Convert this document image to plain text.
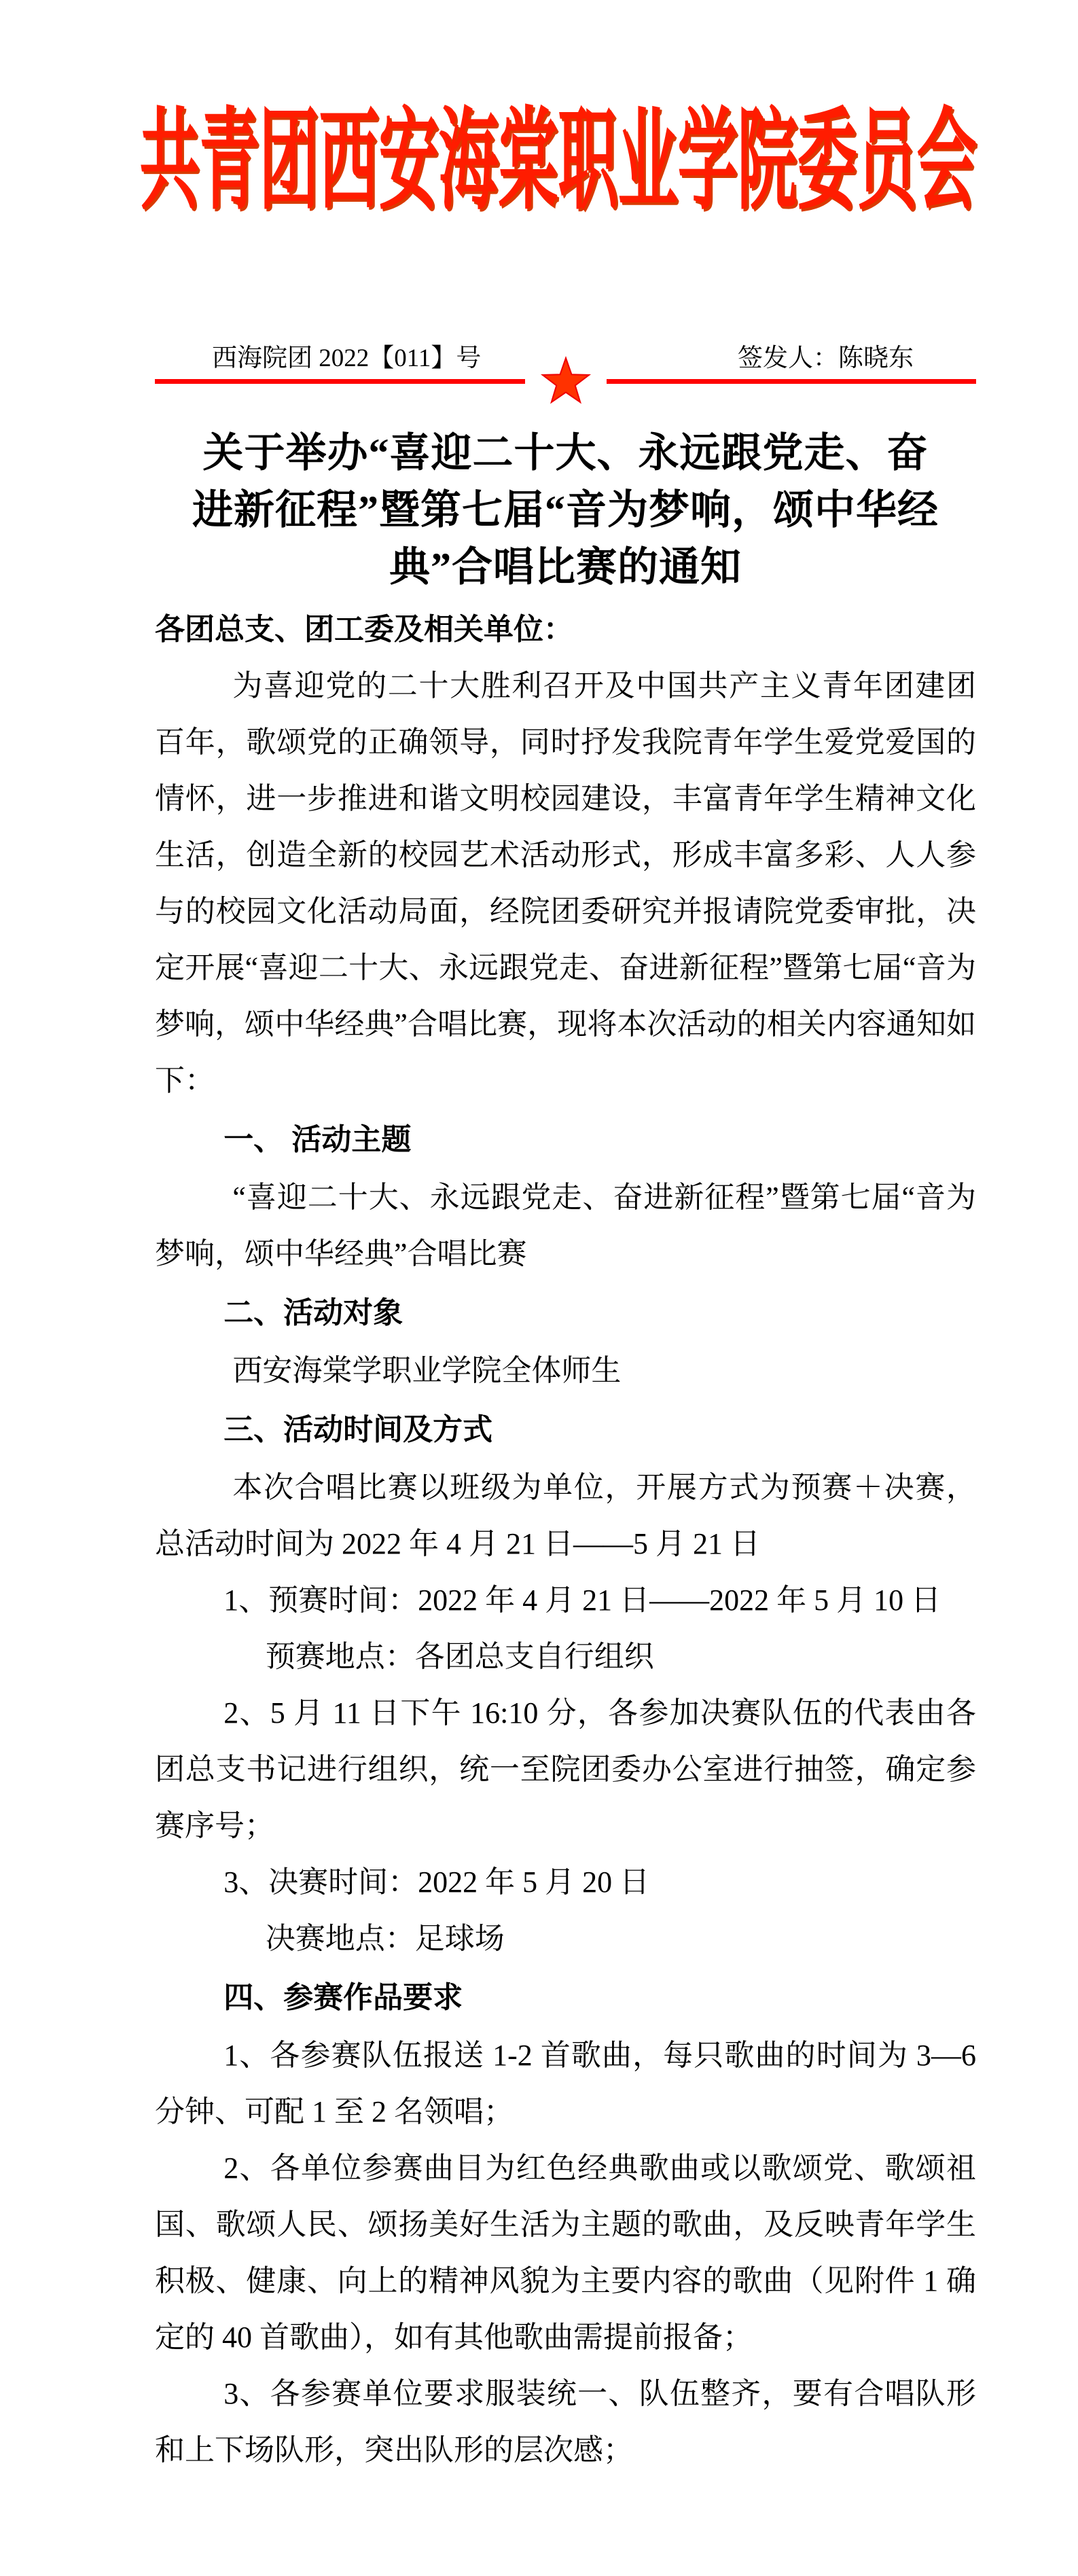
共青团西安海棠职业学院委员会
西海院团 2022【011】号	签发人：陈晓东
关于举办“喜迎二十大、永远跟党走、奋
进新征程”暨第七届“音为梦响，颂中华经
典”合唱比赛的通知
各团总支、团工委及相关单位：
为喜迎党的二十大胜利召开及中国共产主义青年团建团百年，歌颂党的正确领导，同时抒发我院青年学生爱党爱国的情怀，进一步推进和谐文明校园建设，丰富青年学生精神文化生活，创造全新的校园艺术活动形式，形成丰富多彩、人人参与的校园文化活动局面，经院团委研究并报请院党委审批，决定开展“喜迎二十大、永远跟党走、奋进新征程”暨第七届“音为梦响，颂中华经典”合唱比赛，现将本次活动的相关内容通知如下：
一、 活动主题
“喜迎二十大、永远跟党走、奋进新征程”暨第七届“音为梦响，颂中华经典”合唱比赛
二、活动对象
西安海棠学职业学院全体师生
三、活动时间及方式
本次合唱比赛以班级为单位，开展方式为预赛＋决赛，总活动时间为 2022 年 4 月 21 日——5 月 21 日
1、预赛时间：2022 年 4 月 21 日——2022 年 5 月 10 日
预赛地点：各团总支自行组织
2、5 月 11 日下午 16:10 分，各参加决赛队伍的代表由各团总支书记进行组织，统一至院团委办公室进行抽签，确定参赛序号；
3、决赛时间：2022 年 5 月 20 日
决赛地点：足球场
四、参赛作品要求
1、各参赛队伍报送 1-2 首歌曲，每只歌曲的时间为 3—6 分钟、可配 1 至 2 名领唱；
2、各单位参赛曲目为红色经典歌曲或以歌颂党、歌颂祖国、歌颂人民、颂扬美好生活为主题的歌曲，及反映青年学生积极、健康、向上的精神风貌为主要内容的歌曲（见附件 1 确定的 40 首歌曲），如有其他歌曲需提前报备；
3、各参赛单位要求服装统一、队伍整齐，要有合唱队形和上下场队形，突出队形的层次感；
